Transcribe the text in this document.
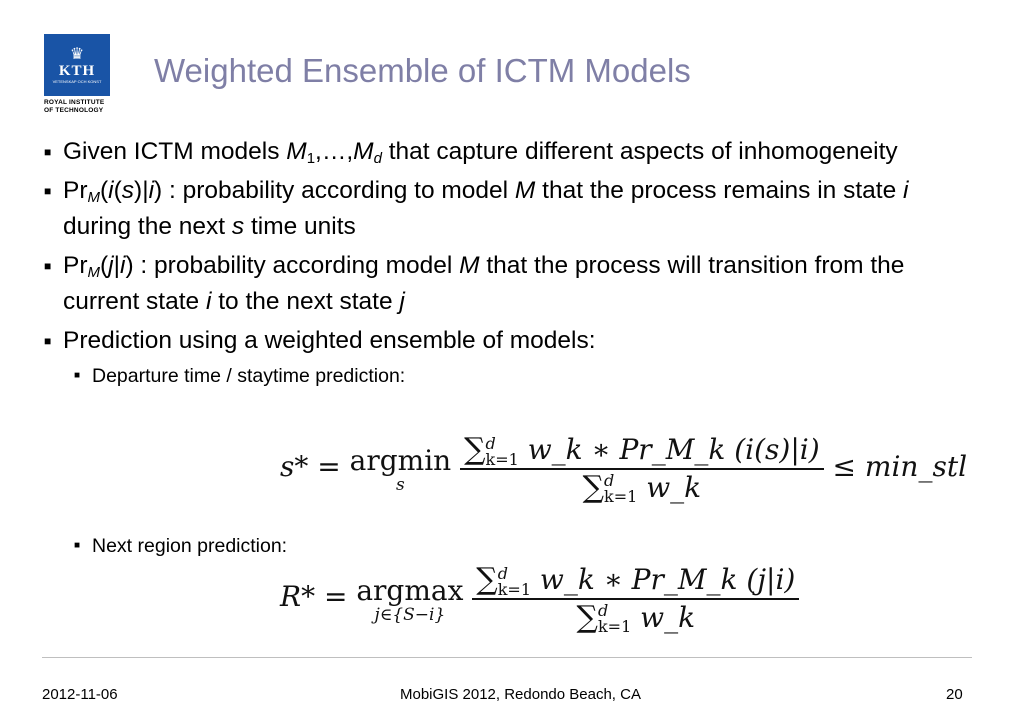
♛
KTH
VETENSKAP OCH KONST
ROYAL INSTITUTE
OF TECHNOLOGY
Weighted Ensemble of ICTM Models
■ Given ICTM models $M_1,\dots,M_d$ that capture different aspects of inhomogeneity
■ $Pr_M(i(s)|i)$ : probability according to model M that the process remains in state i during the next s time units
■ $Pr_M(j|i)$ : probability according model M that the process will transition from the current state i to the next state j
■ Prediction using a weighted ensemble of models:
■ Departure time / staytime prediction:
s* = argmin
s
	∑d
k=1 w_k ∗ Pr_M_k (i(s)|i)
∑d
k=1 w_k ≤ min_stl
■ Next region prediction:
R* = argmax
j∈{S−i}
∑d
k=1 w_k ∗ Pr_M_k (j|i)
∑d
k=1 w_k
2012-11-06	MobiGIS 2012, Redondo Beach, CA	20
